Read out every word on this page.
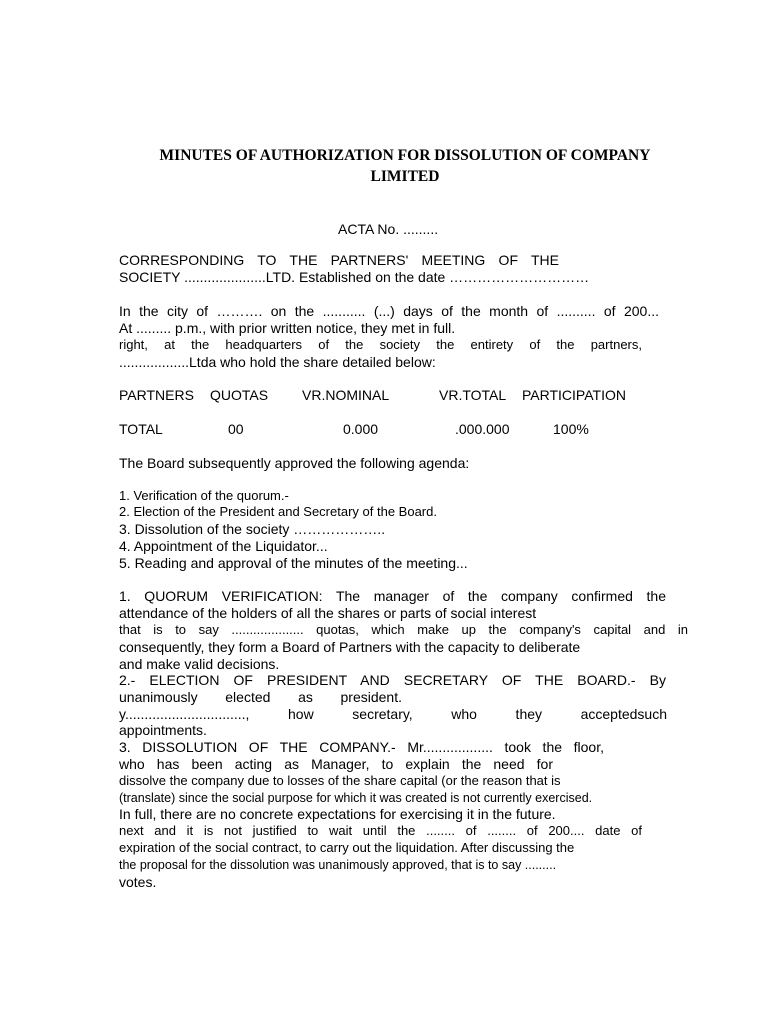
MINUTES OF AUTHORIZATION FOR DISSOLUTION OF COMPANY
LIMITED
ACTA No. .........
CORRESPONDING TO THE PARTNERS' MEETING OF THE
SOCIETY .....................LTD. Established on the date …………………………
In the city of ………. on the ........... (...) days of the month of .......... of 200...
At ......... p.m., with prior written notice, they met in full.
right, at the headquarters of the society the entirety of the partners,
..................Ltda who hold the share detailed below:
PARTNERS QUOTAS VR.NOMINAL	VR.TOTAL PARTICIPATION
TOTAL	00	0.000	.000.000	100%
The Board subsequently approved the following agenda:
1. Verification of the quorum.-
2. Election of the President and Secretary of the Board.
3. Dissolution of the society ………………..
4. Appointment of the Liquidator...
5. Reading and approval of the minutes of the meeting...
1. QUORUM VERIFICATION: The manager of the company confirmed the
attendance of the holders of all the shares or parts of social interest
that is to say .................... quotas, which make up the company's capital and in
consequently, they form a Board of Partners with the capacity to deliberate
and make valid decisions.
2.- ELECTION OF PRESIDENT AND SECRETARY OF THE BOARD.- By
unanimously elected as president.
y..............................., how secretary, who they acceptedsuch
appointments.
3. DISSOLUTION OF THE COMPANY.- Mr.................. took the floor,
who has been acting as Manager, to explain the need for
dissolve the company due to losses of the share capital (or the reason that is
(translate) since the social purpose for which it was created is not currently exercised.
In full, there are no concrete expectations for exercising it in the future.
next and it is not justified to wait until the ........ of ........ of 200.... date of
expiration of the social contract, to carry out the liquidation. After discussing the
the proposal for the dissolution was unanimously approved, that is to say .........
votes.
